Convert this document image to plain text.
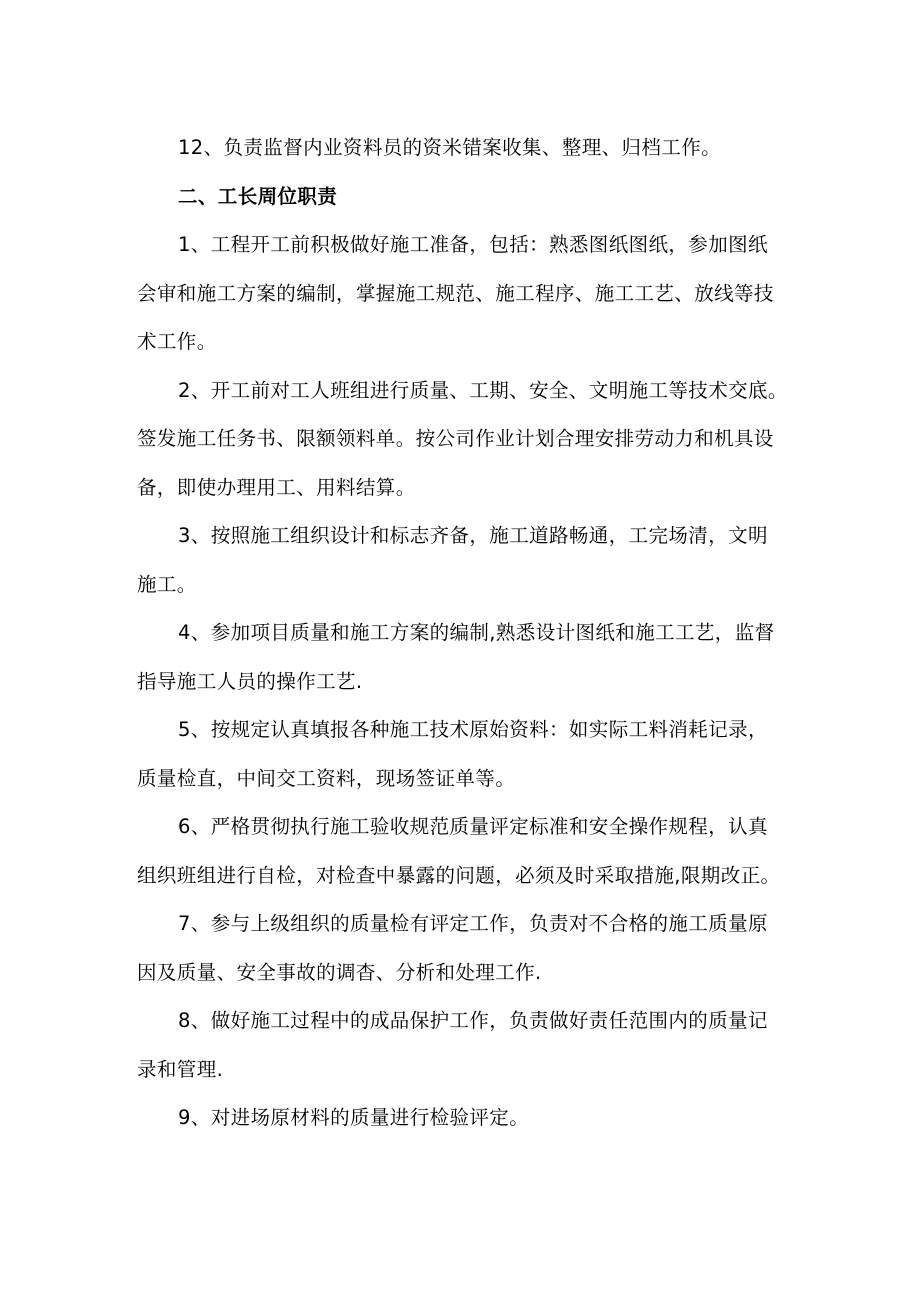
12、负责监督内业资料员的资米错案收集、整理、归档工作。

二、工长周位职责

1、工程开工前积极做好施工准备，包括：熟悉图纸图纸，参加图纸
会审和施工方案的编制，掌握施工规范、施工程序、施工工艺、放线等技
术工作。

2、开工前对工人班组进行质量、工期、安全、文明施工等技术交底。
签发施工任务书、限额领料单。按公司作业计划合理安排劳动力和机具设
备，即使办理用工、用料结算。

3、按照施工组织设计和标志齐备，施工道路畅通，工完场清，文明
施工。

4、参加项目质量和施工方案的编制,熟悉设计图纸和施工工艺，监督
指导施工人员的操作工艺.

5、按规定认真填报各种施工技术原始资料：如实际工料消耗记录，
质量检直，中间交工资料，现场签证单等。

6、严格贯彻执行施工验收规范质量评定标准和安全操作规程，认真
组织班组进行自检，对检查中暴露的问题，必须及时采取措施,限期改正。

7、参与上级组织的质量检有评定工作，负责对不合格的施工质量原
因及质量、安全事故的调杳、分析和处理工作.

8、做好施工过程中的成品保护工作，负责做好责任范围内的质量记
录和管理.

9、对进场原材料的质量进行检验评定。
